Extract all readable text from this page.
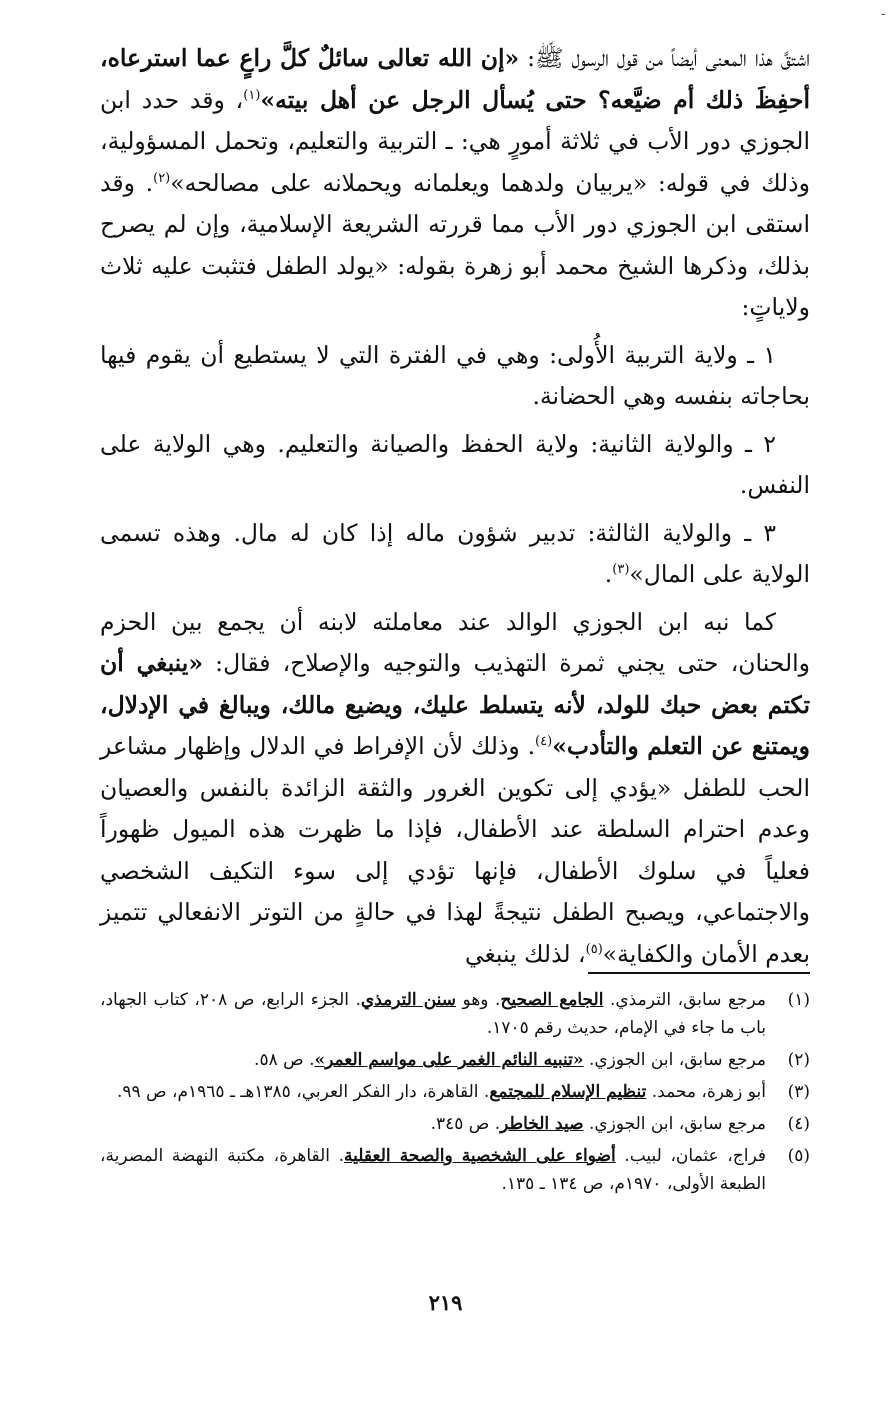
ـ

اشتقَّ هذا المعنى أيضاً من قول الرسول ﷺ: «إن الله تعالى سائلٌ كلَّ راعٍ عما استرعاه، أحفِظَ ذلك أم ضيَّعه؟ حتى يُسأل الرجل عن أهل بيته»$^{(١)}$، وقد حدد ابن الجوزي دور الأب في ثلاثة أمورٍ هي: ـ التربية والتعليم، وتحمل المسؤولية، وذلك في قوله: «يربيان ولدهما ويعلمانه ويحملانه على مصالحه»$^{(٢)}$. وقد استقى ابن الجوزي دور الأب مما قررته الشريعة الإسلامية، وإن لم يصرح بذلك، وذكرها الشيخ محمد أبو زهرة بقوله: «يولد الطفل فتثبت عليه ثلاث ولاياتٍ:

١ ـ ولاية التربية الأُولى: وهي في الفترة التي لا يستطيع أن يقوم فيها بحاجاته بنفسه وهي الحضانة.

٢ ـ والولاية الثانية: ولاية الحفظ والصيانة والتعليم. وهي الولاية على النفس.

٣ ـ والولاية الثالثة: تدبير شؤون ماله إذا كان له مال. وهذه تسمى الولاية على المال»$^{(٣)}$.

كما نبه ابن الجوزي الوالد عند معاملته لابنه أن يجمع بين الحزم والحنان، حتى يجني ثمرة التهذيب والتوجيه والإصلاح، فقال: «ينبغي أن تكتم بعض حبك للولد، لأنه يتسلط عليك، ويضيع مالك، ويبالغ في الإدلال، ويمتنع عن التعلم والتأدب»$^{(٤)}$. وذلك لأن الإفراط في الدلال وإظهار مشاعر الحب للطفل «يؤدي إلى تكوين الغرور والثقة الزائدة بالنفس والعصيان وعدم احترام السلطة عند الأطفال، فإذا ما ظهرت هذه الميول ظهوراً فعلياً في سلوك الأطفال، فإنها تؤدي إلى سوء التكيف الشخصي والاجتماعي، ويصبح الطفل نتيجةً لهذا في حالةٍ من التوتر الانفعالي تتميز بعدم الأمان والكفاية»$^{(٥)}$، لذلك ينبغي

(١)
مرجع سابق، الترمذي. الجامع الصحيح. وهو سنن الترمذي. الجزء الرابع، ص ٢٠٨، كتاب الجهاد، باب ما جاء في الإمام، حديث رقم ١٧٠٥.
(٢)
مرجع سابق، ابن الجوزي. «تنبيه النائم الغمر على مواسم العمر». ص ٥٨.
(٣)
أبو زهرة، محمد. تنظيم الإسلام للمجتمع. القاهرة، دار الفكر العربي، ١٣٨٥هـ ـ ١٩٦٥م، ص ٩٩.
(٤)
مرجع سابق، ابن الجوزي. صيد الخاطر. ص ٣٤٥.
(٥)
فراج، عثمان، لبيب. أضواء على الشخصية والصحة العقلية. القاهرة، مكتبة النهضة المصرية، الطبعة الأولى، ١٩٧٠م، ص ١٣٤ ـ ١٣٥.
٢١٩
